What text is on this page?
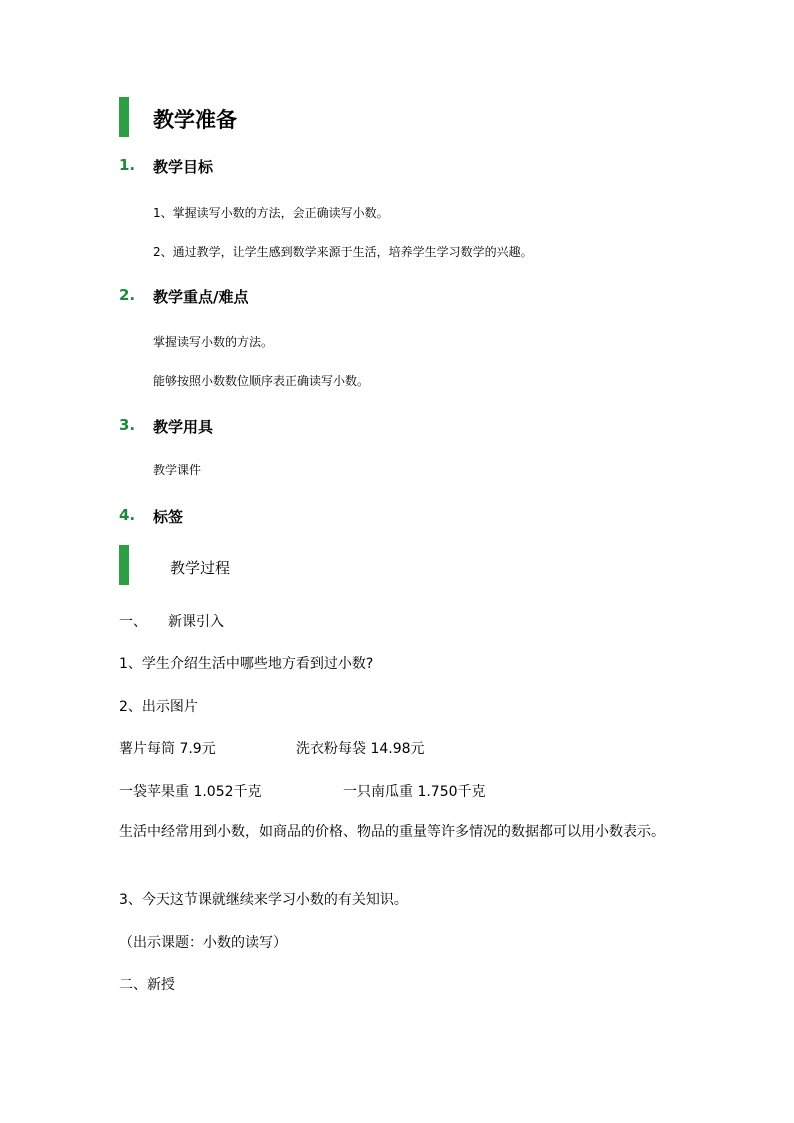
教学准备
1. 教学目标
1、掌握读写小数的方法，会正确读写小数。
2、通过教学，让学生感到数学来源于生活，培养学生学习数学的兴趣。
2. 教学重点/难点
掌握读写小数的方法。
能够按照小数数位顺序表正确读写小数。
3. 教学用具
教学课件
4. 标签
教学过程
一、 新课引入
1、学生介绍生活中哪些地方看到过小数?
2、出示图片
薯片每筒 7.9元	洗衣粉每袋 14.98元
一袋苹果重 1.052千克	一只南瓜重 1.750千克
生活中经常用到小数，如商品的价格、物品的重量等许多情况的数据都可以用小数表示。
3、今天这节课就继续来学习小数的有关知识。
（出示课题：小数的读写）
二、新授
